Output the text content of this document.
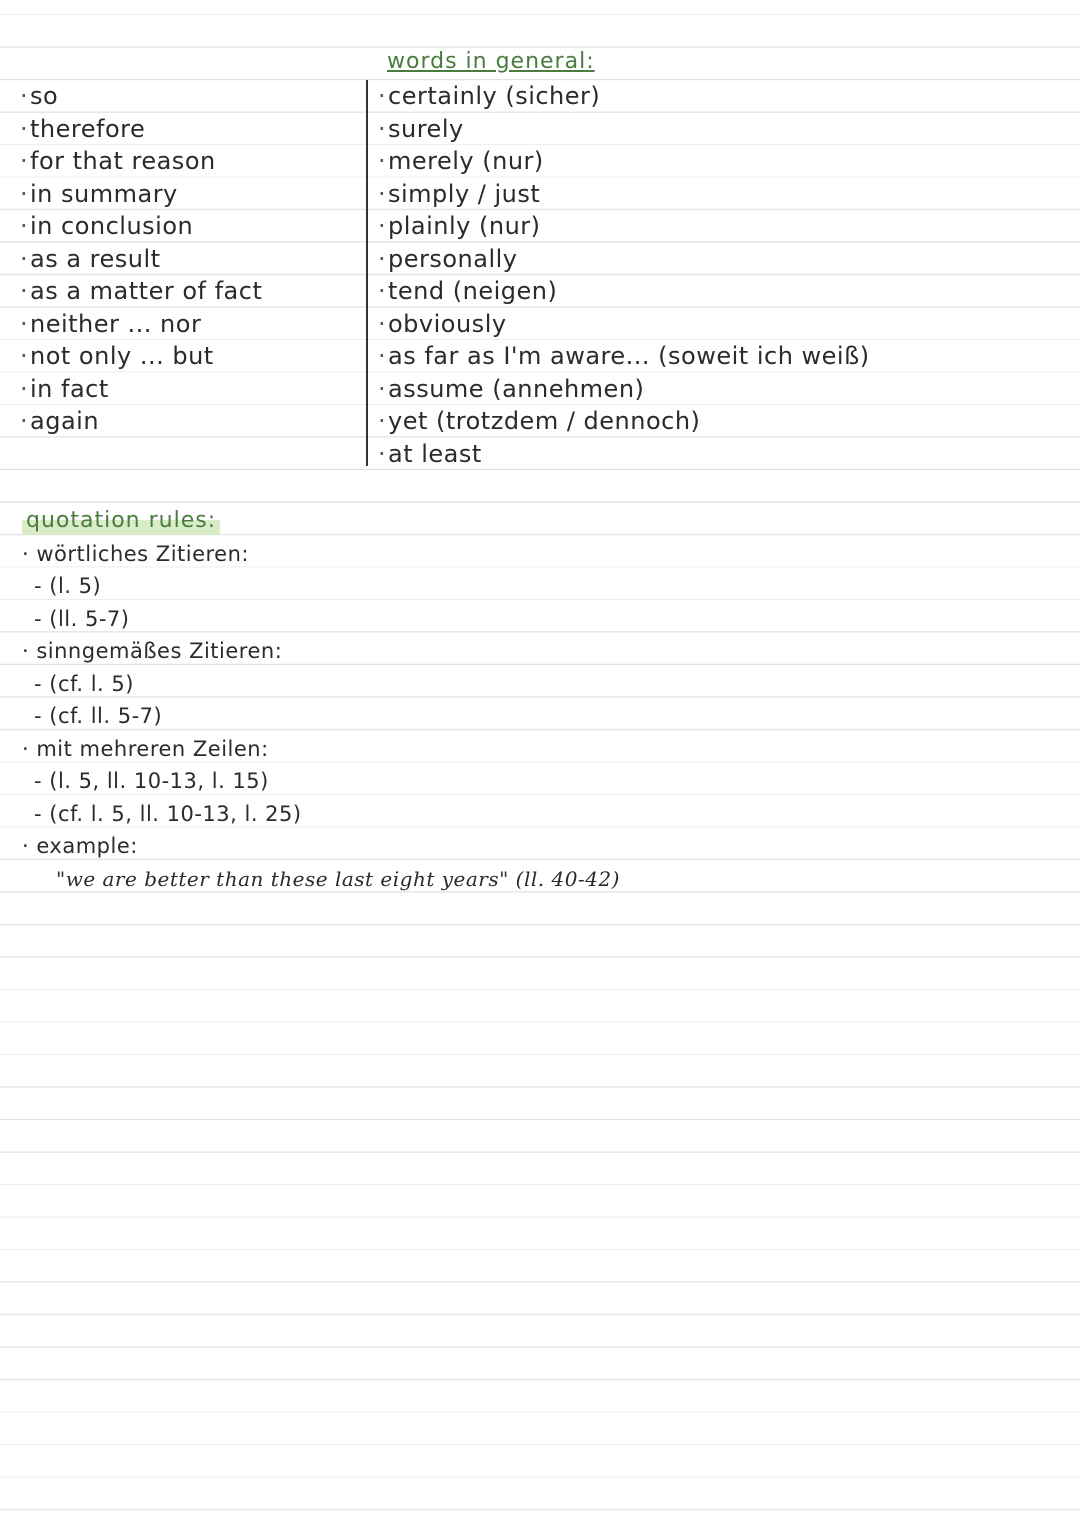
words in general:
·so
·therefore
·for that reason
·in summary
·in conclusion
·as a result
·as a matter of fact
·neither ... nor
·not only ... but
·in fact
·again
·certainly (sicher)
·surely
·merely (nur)
·simply / just
·plainly (nur)
·personally
·tend (neigen)
·obviously
·as far as I'm aware... (soweit ich weiß)
·assume (annehmen)
·yet (trotzdem / dennoch)
·at least
quotation rules:
· wörtliches Zitieren:
- (l. 5)
- (ll. 5-7)
· sinngemäßes Zitieren:
- (cf. l. 5)
- (cf. ll. 5-7)
· mit mehreren Zeilen:
- (l. 5, ll. 10-13, l. 15)
- (cf. l. 5, ll. 10-13, l. 25)
· example:
"we are better than these last eight years" (ll. 40-42)
